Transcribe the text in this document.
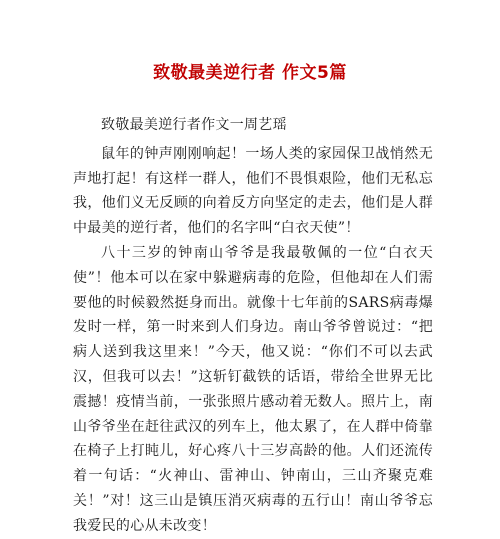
致敬最美逆行者 作文5篇

致敬最美逆行者作文一周艺瑶

鼠年的钟声刚刚响起！一场人类的家园保卫战悄然无声地打起！有这样一群人，他们不畏惧艰险，他们无私忘我，他们义无反顾的向着反方向坚定的走去，他们是人群中最美的逆行者，他们的名字叫“白衣天使”！

八十三岁的钟南山爷爷是我最敬佩的一位“白衣天使”！他本可以在家中躲避病毒的危险，但他却在人们需要他的时候毅然挺身而出。就像十七年前的SARS病毒爆发时一样，第一时来到人们身边。南山爷爷曾说过：“把病人送到我这里来！”今天，他又说：“你们不可以去武汉，但我可以去！”这斩钉截铁的话语，带给全世界无比震撼！疫情当前，一张张照片感动着无数人。照片上，南山爷爷坐在赶往武汉的列车上，他太累了，在人群中倚靠在椅子上打盹儿，好心疼八十三岁高龄的他。人们还流传着一句话：“火神山、雷神山、钟南山，三山齐聚克难关！”对！这三山是镇压消灭病毒的五行山！南山爷爷忘我爱民的心从未改变！
